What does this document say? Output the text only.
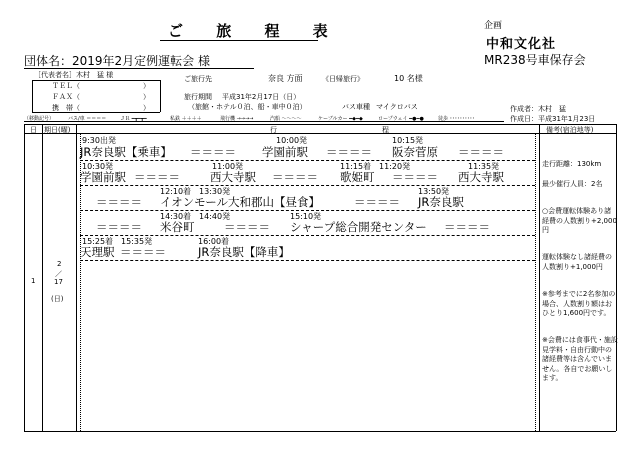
ご 旅 程 表	企画
中和文化社
MR238号車保存会
団体名：2019年2月定例運転会 様
［代表者名］木村　猛 様
ＴＥＬ（　　　　　　　　　）
ＦＡＸ（　　　　　　　　　）
携　帯（　　　　　　　　　）
ご旅行先	奈良 方面	《日帰旅行》	10 名様
旅行期間 平成31年2月17日（日）
（旅館・ホテル０泊、船・車中０泊）	バス車種 マイクロバス	作成者：木村　猛
作成日：平成31年1月23日
（移動記号）	バス/車 ＝＝＝＝	ＪＲ ━┳━┳━	私鉄 ＋＋＋＋	飛行機 →→→→	汽船 ～～～～	ケーブルカー ━◆━◆	ロープウェイ ━●━●	徒歩 ･･････････
日 期日(曜)	行　　　　　　　　　　　　　　　程	備考(宿泊地等)
1
2
／
17
(日)
9:30出発	10:00発	10:15発
JR奈良駅【乗車】 ＝＝＝＝ 学園前駅 ＝＝＝＝ 阪奈菅原 ＝＝＝＝
10:30発	11:00発	11:15着　11:20発	11:35発
学園前駅 ＝＝＝＝	西大寺駅 ＝＝＝＝ 歌姫町 ＝＝＝＝ 西大寺駅
12:10着　13:30発	13:50発
＝＝＝＝ イオンモール大和郡山【昼食】	＝＝＝＝ JR奈良駅
14:30着　14:40発	15:10発
＝＝＝＝ 米谷町	＝＝＝＝ シャープ総合開発センター ＝＝＝＝
15:25着　15:35発	16:00着
天理駅 ＝＝＝＝	JR奈良駅【降車】
走行距離：130km
最少催行人員：2名
○会費運転体験あり諸経費の人数割り+2,000円
運転体験なし諸経費の人数割り+1,000円
※参考までに2名参加の場合、人数割り額はおひとり1,600円です。
※会費には食事代・施設見学料・自由行動中の諸経費等は含んでいません。各自でお願いします。
